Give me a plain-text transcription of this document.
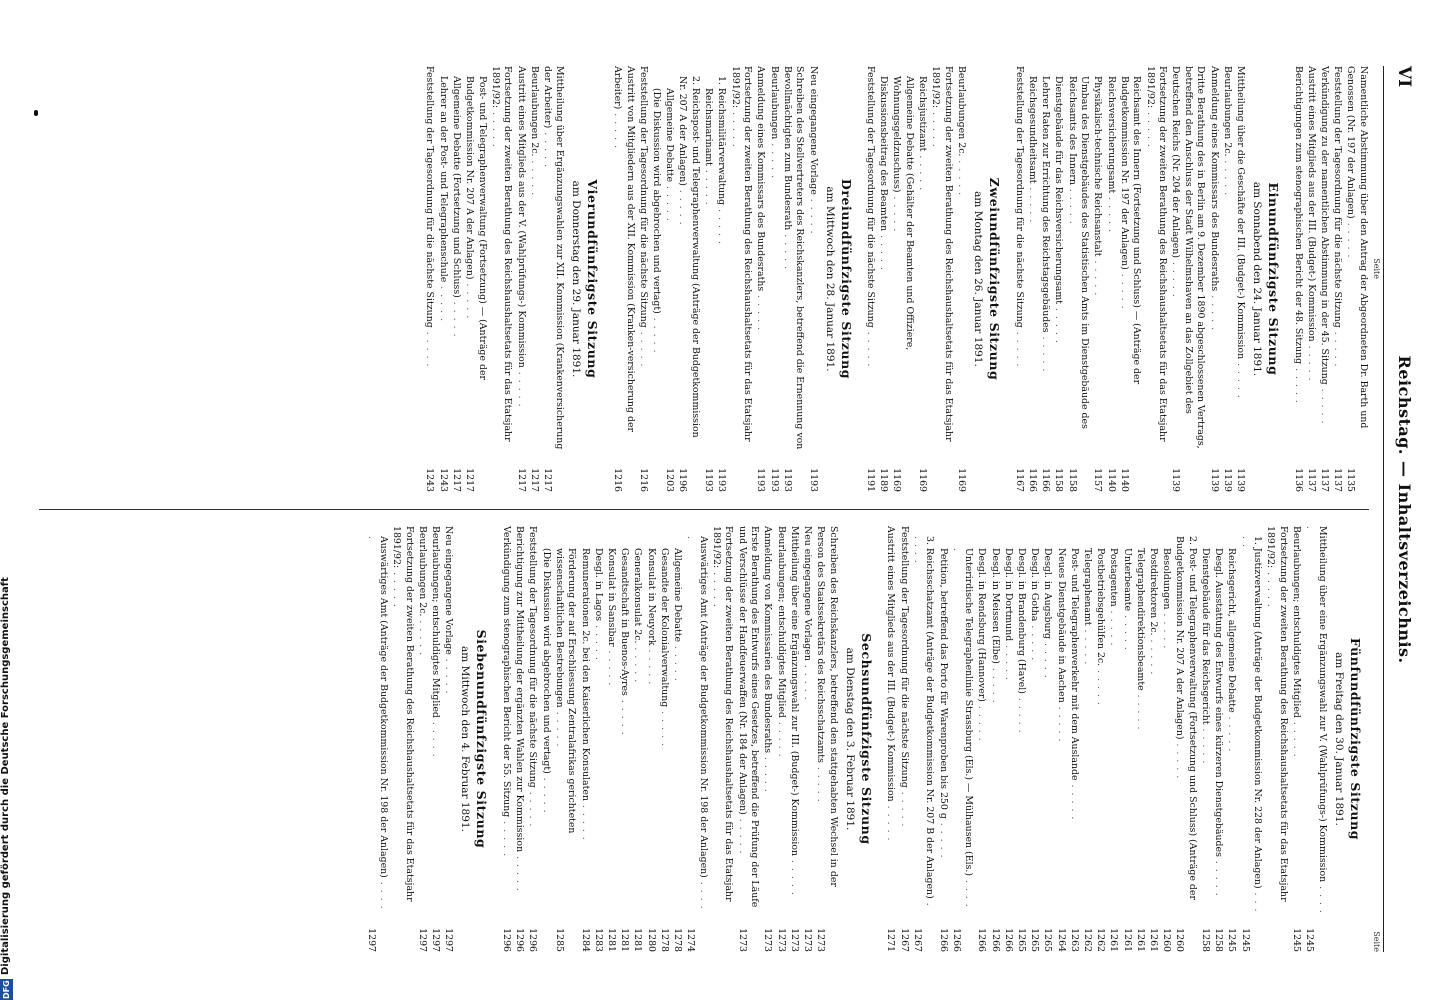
DFG
Digitalisierung gefördert durch die Deutsche Forschungsgemeinschaft
VI
Reichstag. — Inhaltsverzeichnis.
Seite
Seite
Namentliche Abstimmung über den Antrag der Abgeordneten Dr. Barth und Genossen (Nr. 197 der Anlagen) . . .
1135
Feststellung der Tagesordnung für die nächste Sitzung . . .
1137
Verkündigung zu der namentlichen Abstimmung in der 45. Sitzung . . .
1137
Austritt eines Mitglieds aus der III. (Budget-) Kommission . . .
1137
Berichtigungen zum stenographischen Bericht der 48. Sitzung . . .
1136
Einundfünfzigste Sitzung
am Sonnabend den 24. Januar 1891.
Mittheilung über die Geschäfte der III. (Budget-) Kommission . . .
1139
Beurlaubungen 2c. . . .
1139
Anmeldung eines Kommissars des Bundesraths . . .
1139
Dritte Berathung des in Berlin am 9. Dezember 1890 abgeschlossenen Vertrags, betreffend den Anschluss der Stadt Wilhelmshaven an das Zollgebiet des Deutschen Reichs (Nr. 204 der Anlagen) . . .
1139
Fortsetzung der zweiten Berathung des Reichshaushaltsetats für das Etatsjahr 1891/92: . . .
Reichsamt des Innern (Fortsetzung und Schluss) — (Anträge der Budgetkommission Nr. 197 der Anlagen) . . .
1140
Reichsversicherungsamt . . .
1140
Physikalisch-technische Reichsanstalt . . .
1157
Umbau des Dienstgebäudes des Statistischen Amts im Dienstgebäude des Reichsamts des Innern . . .
1158
Dienstgebäude für das Reichsversicherungsamt . . .
1158
Lehrer Raten zur Errichtung des Reichstagsgebäudes . . .
1166
Reichsgesundheitsamt . . .
1166
Feststellung der Tagesordnung für die nächste Sitzung . . .
1167
Zweiundfünfzigste Sitzung
am Montag den 26. Januar 1891.
Beurlaubungen 2c. . . .
1169
Fortsetzung der zweiten Berathung des Reichshaushaltsetats für das Etatsjahr 1891/92: . . .
Reichsjustizamt . . .
1169
Allgemeine Debatte (Gehälter der Beamten und Offiziere, Wohnungsgeldzuschuss) . . .
1169
Diskussionsbeitrag des Beamten . . .
1189
Feststellung der Tagesordnung für die nächste Sitzung . . .
1191
Dreiundfünfzigste Sitzung
am Mittwoch den 28. Januar 1891.
Neu eingegangene Vorlage . . .
1193
Schreiben des Stellvertreters des Reichskanzlers, betreffend die Ernennung von Bevollmächtigten zum Bundesrath . . .
1193
Beurlaubungen . . .
1193
Anmeldung eines Kommissars des Bundesraths . . .
1193
Fortsetzung der zweiten Berathung des Reichshaushaltsetats für das Etatsjahr 1891/92: . . .
1. Reichsmilitärverwaltung . . .
1193
Reichsmarinamt . . .
1193
2. Reichspost- und Telegraphenverwaltung (Anträge der Budgetkommission Nr. 207 A der Anlagen) . . .
1196
Allgemeine Debatte . . .
1203
(Die Diskussion wird abgebrochen und vertagt) . . .
Feststellung der Tagesordnung für die nächste Sitzung . . .
1216
Austritt von Mitgliedern aus der XII. Kommission (Kranken-versicherung der Arbeiter) . . .
1216
Vierundfünfzigste Sitzung
am Donnerstag den 29. Januar 1891.
Mittheilung über Ergänzungswahlen zur XII. Kommission (Krankenversicherung der Arbeiter) . . .
1217
Beurlaubungen 2c. . . .
1217
Austritt eines Mitglieds aus der V. (Wahlprüfungs-) Kommission . . .
1217
Fortsetzung der zweiten Berathung des Reichshaushaltsetats für das Etatsjahr 1891/92: . . .
Post- und Telegraphenverwaltung (Fortsetzung) — (Anträge der Budgetkommission Nr. 207 A der Anlagen) . . .
1217
Allgemeine Debatte (Fortsetzung und Schluss) . . .
1217
Lehrer an der Post- und Telegraphenschule . . .
1243
Feststellung der Tagesordnung für die nächste Sitzung . . .
1243
Fünfundfünfzigste Sitzung
am Freitag den 30. Januar 1891.
Mittheilung über eine Ergänzungswahl zur V. (Wahlprüfungs-) Kommission . . .
1245
Beurlaubungen; entschuldigtes Mitglied . . .
1245
Fortsetzung der zweiten Berathung des Reichshaushaltsetats für das Etatsjahr 1891/92: . . .
1. Justizverwaltung (Anträge der Budgetkommission Nr. 228 der Anlagen) . . .
1245
Reichsgericht, allgemeine Debatte . . .
1245
Desgl. Ausstattung des Entwurfs eines kürzeren Dienstgebäudes . . .
1258
Dienstgebäude für das Reichsgericht . . .
1258
2. Post- und Telegraphenverwaltung (Fortsetzung und Schluss) (Anträge der Budgetkommission Nr. 207 A der Anlagen) . . .
1260
Besoldungen . . .
1260
Postdirektoren 2c. . . .
1261
Telegraphendirektionsbeamte . . .
1261
Unterbeamte . . .
1261
Postagenten . . .
1261
Postbetriebsgehülfen 2c. . . .
1262
Telegraphenamt . . .
1262
Post- und Telegraphenverkehr mit dem Auslande . . .
1263
Neues Dienstgebäude in Aachen . . .
1264
Desgl. in Augsburg . . .
1265
Desgl. in Gotha . . .
1265
Desgl. in Brandenburg (Havel) . . .
1265
Desgl. in Dortmund . . .
1266
Desgl. in Meissen (Elbe) . . .
1266
Desgl. in Rendsburg (Hannover) . . .
1266
Unterirdische Telegraphenlinie Strassburg (Els.) — Mülhausen (Els.) . . .
1266
Petition, betreffend das Porto für Warenproben bis 250 g . . .
1266
3. Reichsschatzamt (Anträge der Budgetkommission Nr. 207 B der Anlagen) . . .
1267
Feststellung der Tagesordnung für die nächste Sitzung . . .
1267
Austritt eines Mitglieds aus der III. (Budget-) Kommission . . .
1271
Sechsundfünfzigste Sitzung
am Dienstag den 3. Februar 1891.
Schreiben des Reichskanzlers, betreffend den stattgehabten Wechsel in der Person des Staatssekretärs des Reichsschatzamts . . .
1273
Neu eingegangene Vorlagen . . .
1273
Mittheilung über eine Ergänzungswahl zur III. (Budget-) Kommission . . .
1273
Beurlaubungen; entschuldigtes Mitglied . . .
1273
Anmeldung von Kommissarien des Bundesraths . . .
1273
Erste Berathung des Entwurfs eines Gesetzes, betreffend die Prüfung der Läufe und Verschlüsse der Handfeuerwaffen (Nr. 184 der Anlagen) . . .
1273
Fortsetzung der zweiten Berathung des Reichshaushaltsetats für das Etatsjahr 1891/92: . . .
Auswärtiges Amt (Anträge der Budgetkommission Nr. 198 der Anlagen) . . .
1274
Allgemeine Debatte . . .
1278
Gesandte der Kolonialverwaltung . . .
1278
Konsulat in Neuyork . . .
1280
Generalkonsulat 2c. . . .
1281
Gesandtschaft in Buenos-Ayres . . .
1281
Konsulat in Sansibar . . .
1281
Desgl. in Lagos . . .
1283
Remunerationen 2c. bei den Kaiserlichen Konsulaten . . .
1284
Förderung der auf Erschliessung Zentralafrikas gerichteten wissenschaftlichen Bestrebungen . . .
1285
(Die Diskussion wird abgebrochen und vertagt) . . .
Feststellung der Tagesordnung für die nächste Sitzung . . .
1296
Berichtigung zur Mittheilung der ergänzten Wahlen zur Kommission . . .
1296
Verkündigung zum stenographischen Bericht der 55. Sitzung . . .
1296
Siebenundfünfzigste Sitzung
am Mittwoch den 4. Februar 1891.
Neu eingegangene Vorlage . . .
1297
Beurlaubungen; entschuldigtes Mitglied . . .
1297
Beurlaubungen 2c. . . .
1297
Fortsetzung der zweiten Berathung des Reichshaushaltsetats für das Etatsjahr 1891/92: . . .
Auswärtiges Amt (Anträge der Budgetkommission Nr. 198 der Anlagen) . . .
1297
